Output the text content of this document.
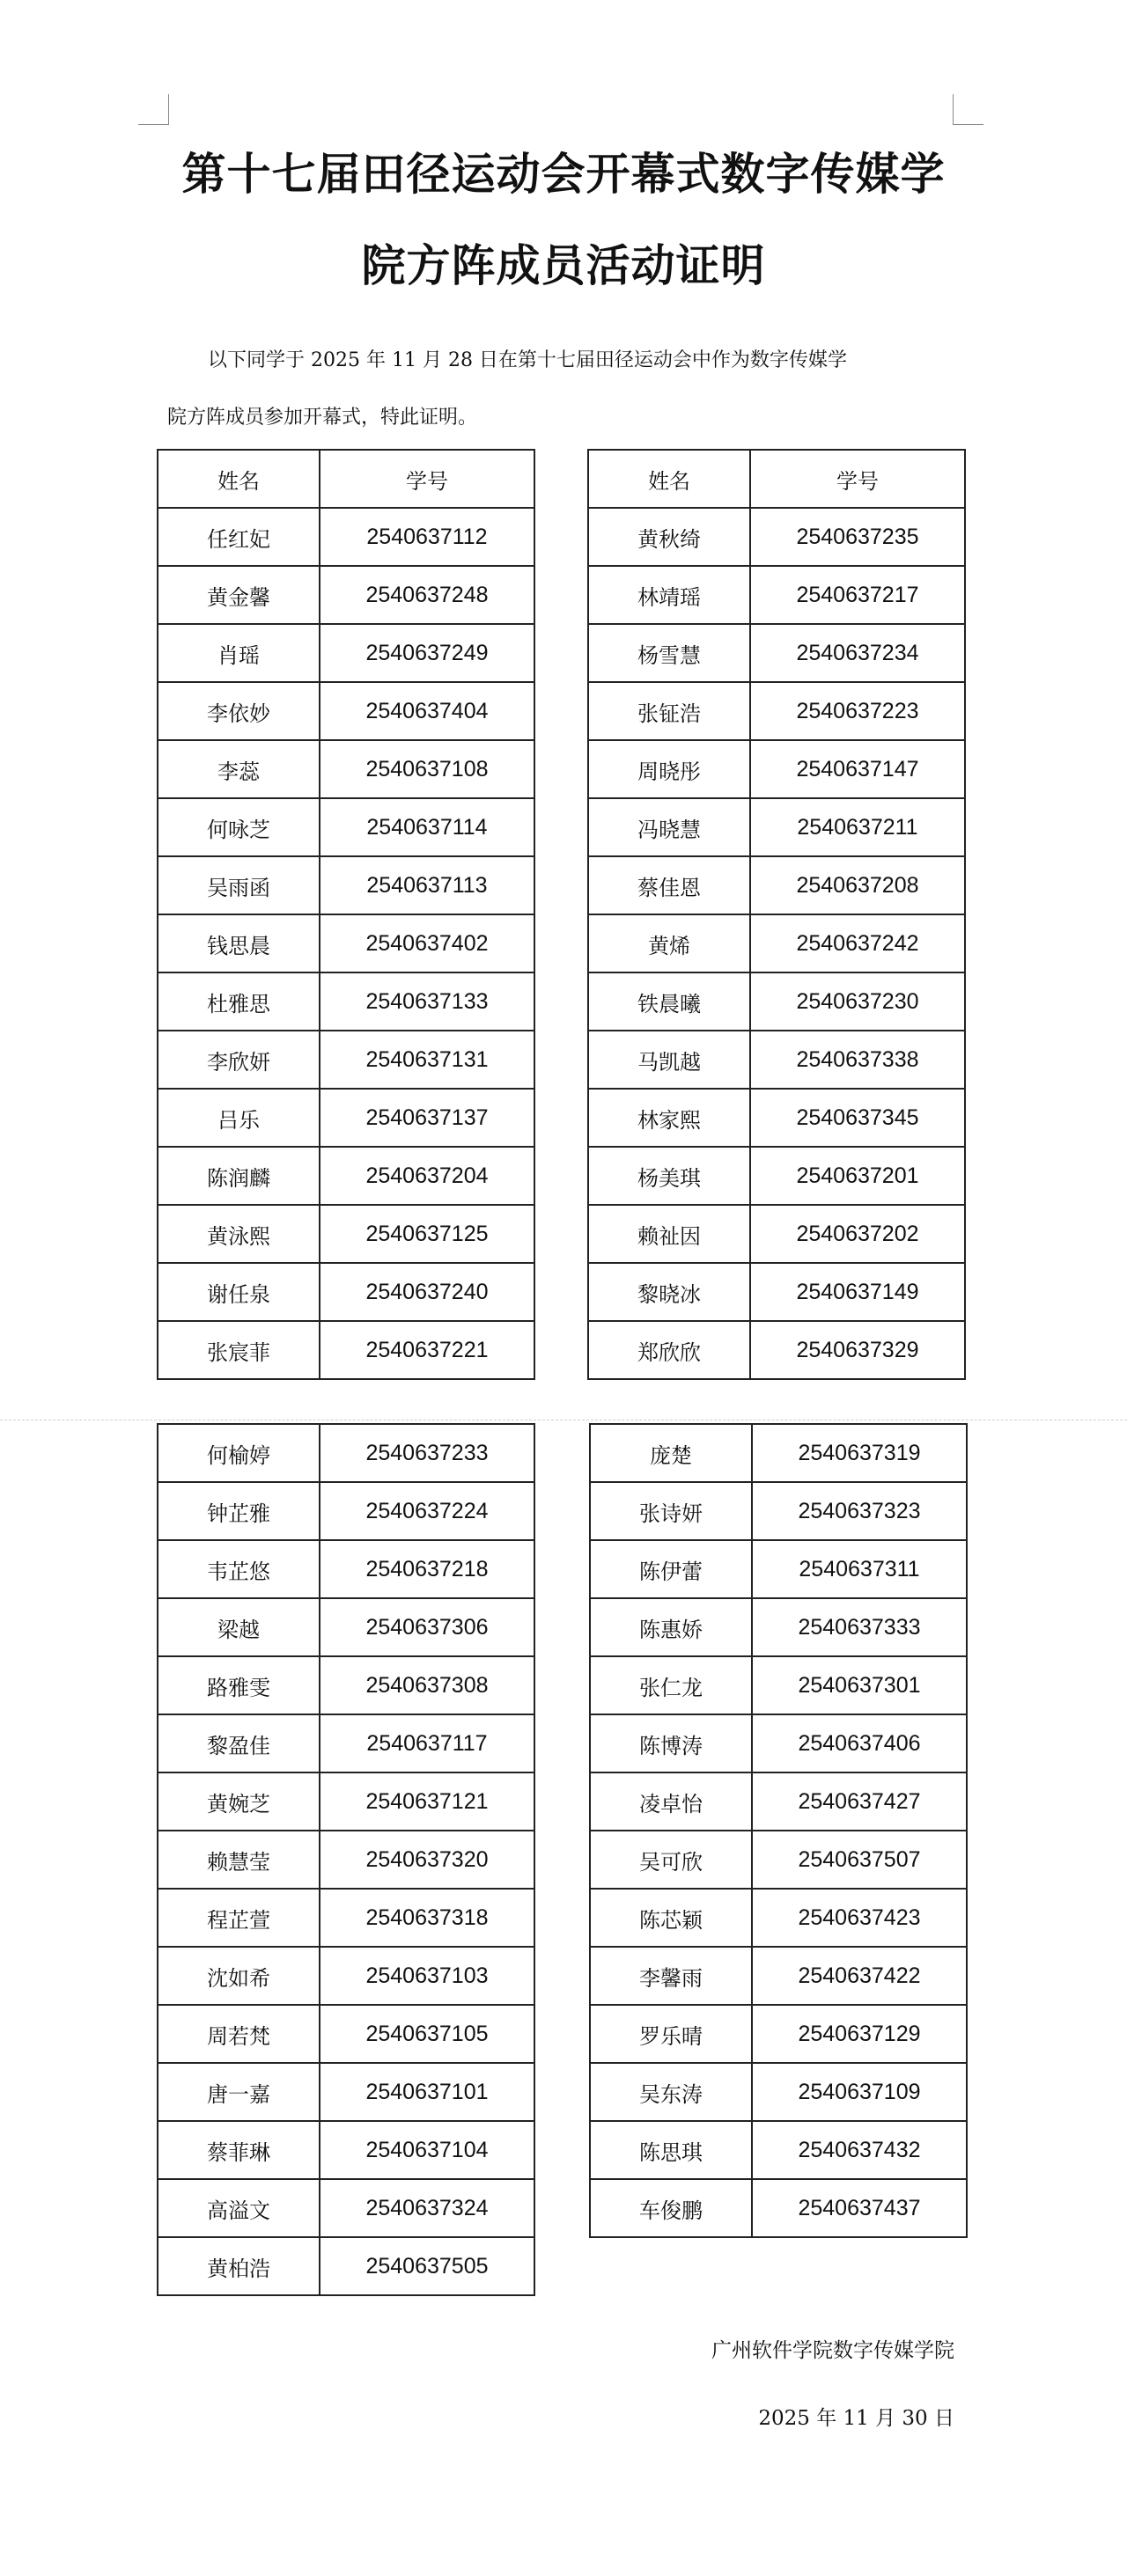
第十七届田径运动会开幕式数字传媒学
院方阵成员活动证明
以下同学于 2025 年 11 月 28 日在第十七届田径运动会中作为数字传媒学
院方阵成员参加开幕式，特此证明。
姓名	学号
任红妃	2540637112
黄金馨	2540637248
肖瑶	2540637249
李依妙	2540637404
李蕊	2540637108
何咏芝	2540637114
吴雨函	2540637113
钱思晨	2540637402
杜雅思	2540637133
李欣妍	2540637131
吕乐	2540637137
陈润麟	2540637204
黄泳熙	2540637125
谢任泉	2540637240
张宸菲	2540637221
姓名	学号
黄秋绮	2540637235
林靖瑶	2540637217
杨雪慧	2540637234
张钲浩	2540637223
周晓彤	2540637147
冯晓慧	2540637211
蔡佳恩	2540637208
黄烯	2540637242
铁晨曦	2540637230
马凯越	2540637338
林家熙	2540637345
杨美琪	2540637201
赖祉因	2540637202
黎晓冰	2540637149
郑欣欣	2540637329
何榆婷	2540637233
钟芷雅	2540637224
韦芷悠	2540637218
梁越	2540637306
路雅雯	2540637308
黎盈佳	2540637117
黄婉芝	2540637121
赖慧莹	2540637320
程芷萱	2540637318
沈如希	2540637103
周若梵	2540637105
唐一嘉	2540637101
蔡菲琳	2540637104
高溢文	2540637324
黄柏浩	2540637505
庞楚	2540637319
张诗妍	2540637323
陈伊蕾	2540637311
陈惠娇	2540637333
张仁龙	2540637301
陈博涛	2540637406
凌卓怡	2540637427
吴可欣	2540637507
陈芯颖	2540637423
李馨雨	2540637422
罗乐晴	2540637129
吴东涛	2540637109
陈思琪	2540637432
车俊鹏	2540637437
广州软件学院数字传媒学院
2025 年 11 月 30 日
